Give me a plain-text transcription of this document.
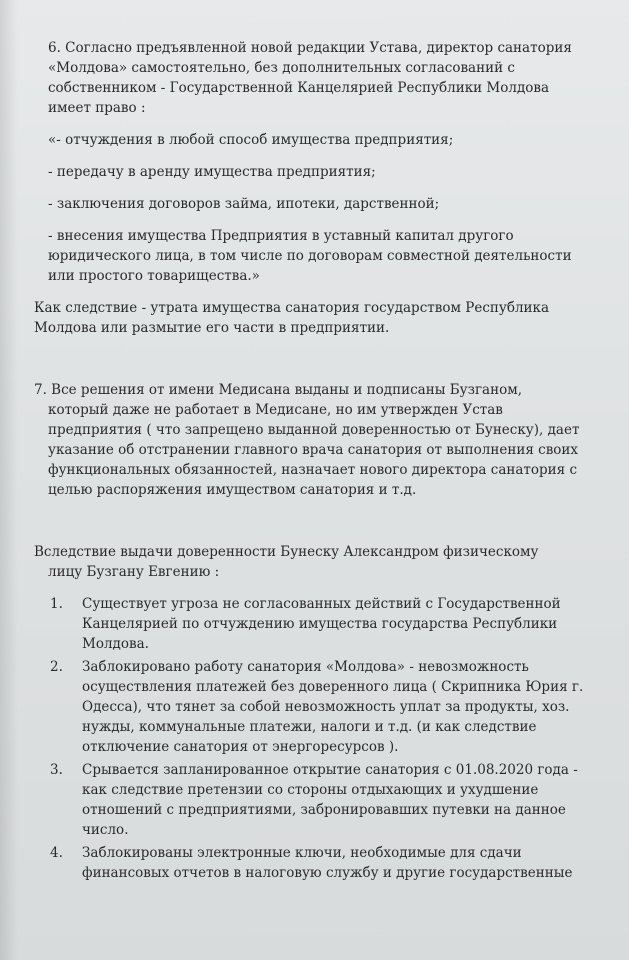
6. Согласно предъявленной новой редакции Устава, директор санатория
«Молдова» самостоятельно, без дополнительных согласований с
собственником - Государственной Канцелярией Республики Молдова
имеет право :
«- отчуждения в любой способ имущества предприятия;
- передачу в аренду имущества предприятия;
- заключения договоров займа, ипотеки, дарственной;
- внесения имущества Предприятия в уставный капитал другого
юридического лица, в том числе по договорам совместной деятельности
или простого товарищества.»
Как следствие - утрата имущества санатория государством Республика
Молдова или размытие его части в предприятии.
7. Все решения от имени Медисана выданы и подписаны Бузганом,
который даже не работает в Медисане, но им утвержден Устав
предприятия ( что запрещено выданной доверенностью от Бунеску), дает
указание об отстранении главного врача санатория от выполнения своих
функциональных обязанностей, назначает нового директора санатория с
целью распоряжения имуществом санатория и т.д.
Вследствие выдачи доверенности Бунеску Александром физическому
лицу Бузгану Евгению :
1. Существует угроза не согласованных действий с Государственной
Канцелярией по отчуждению имущества государства Республики
Молдова.
2. Заблокировано работу санатория «Молдова» - невозможность
осуществления платежей без доверенного лица ( Скрипника Юрия г.
Одесса), что тянет за собой невозможность уплат за продукты, хоз.
нужды, коммунальные платежи, налоги и т.д. (и как следствие
отключение санатория от энергоресурсов ).
3. Срывается запланированное открытие санатория с 01.08.2020 года -
как следствие претензии со стороны отдыхающих и ухудшение
отношений с предприятиями, забронировавших путевки на данное
число.
4. Заблокированы электронные ключи, необходимые для сдачи
финансовых отчетов в налоговую службу и другие государственные
